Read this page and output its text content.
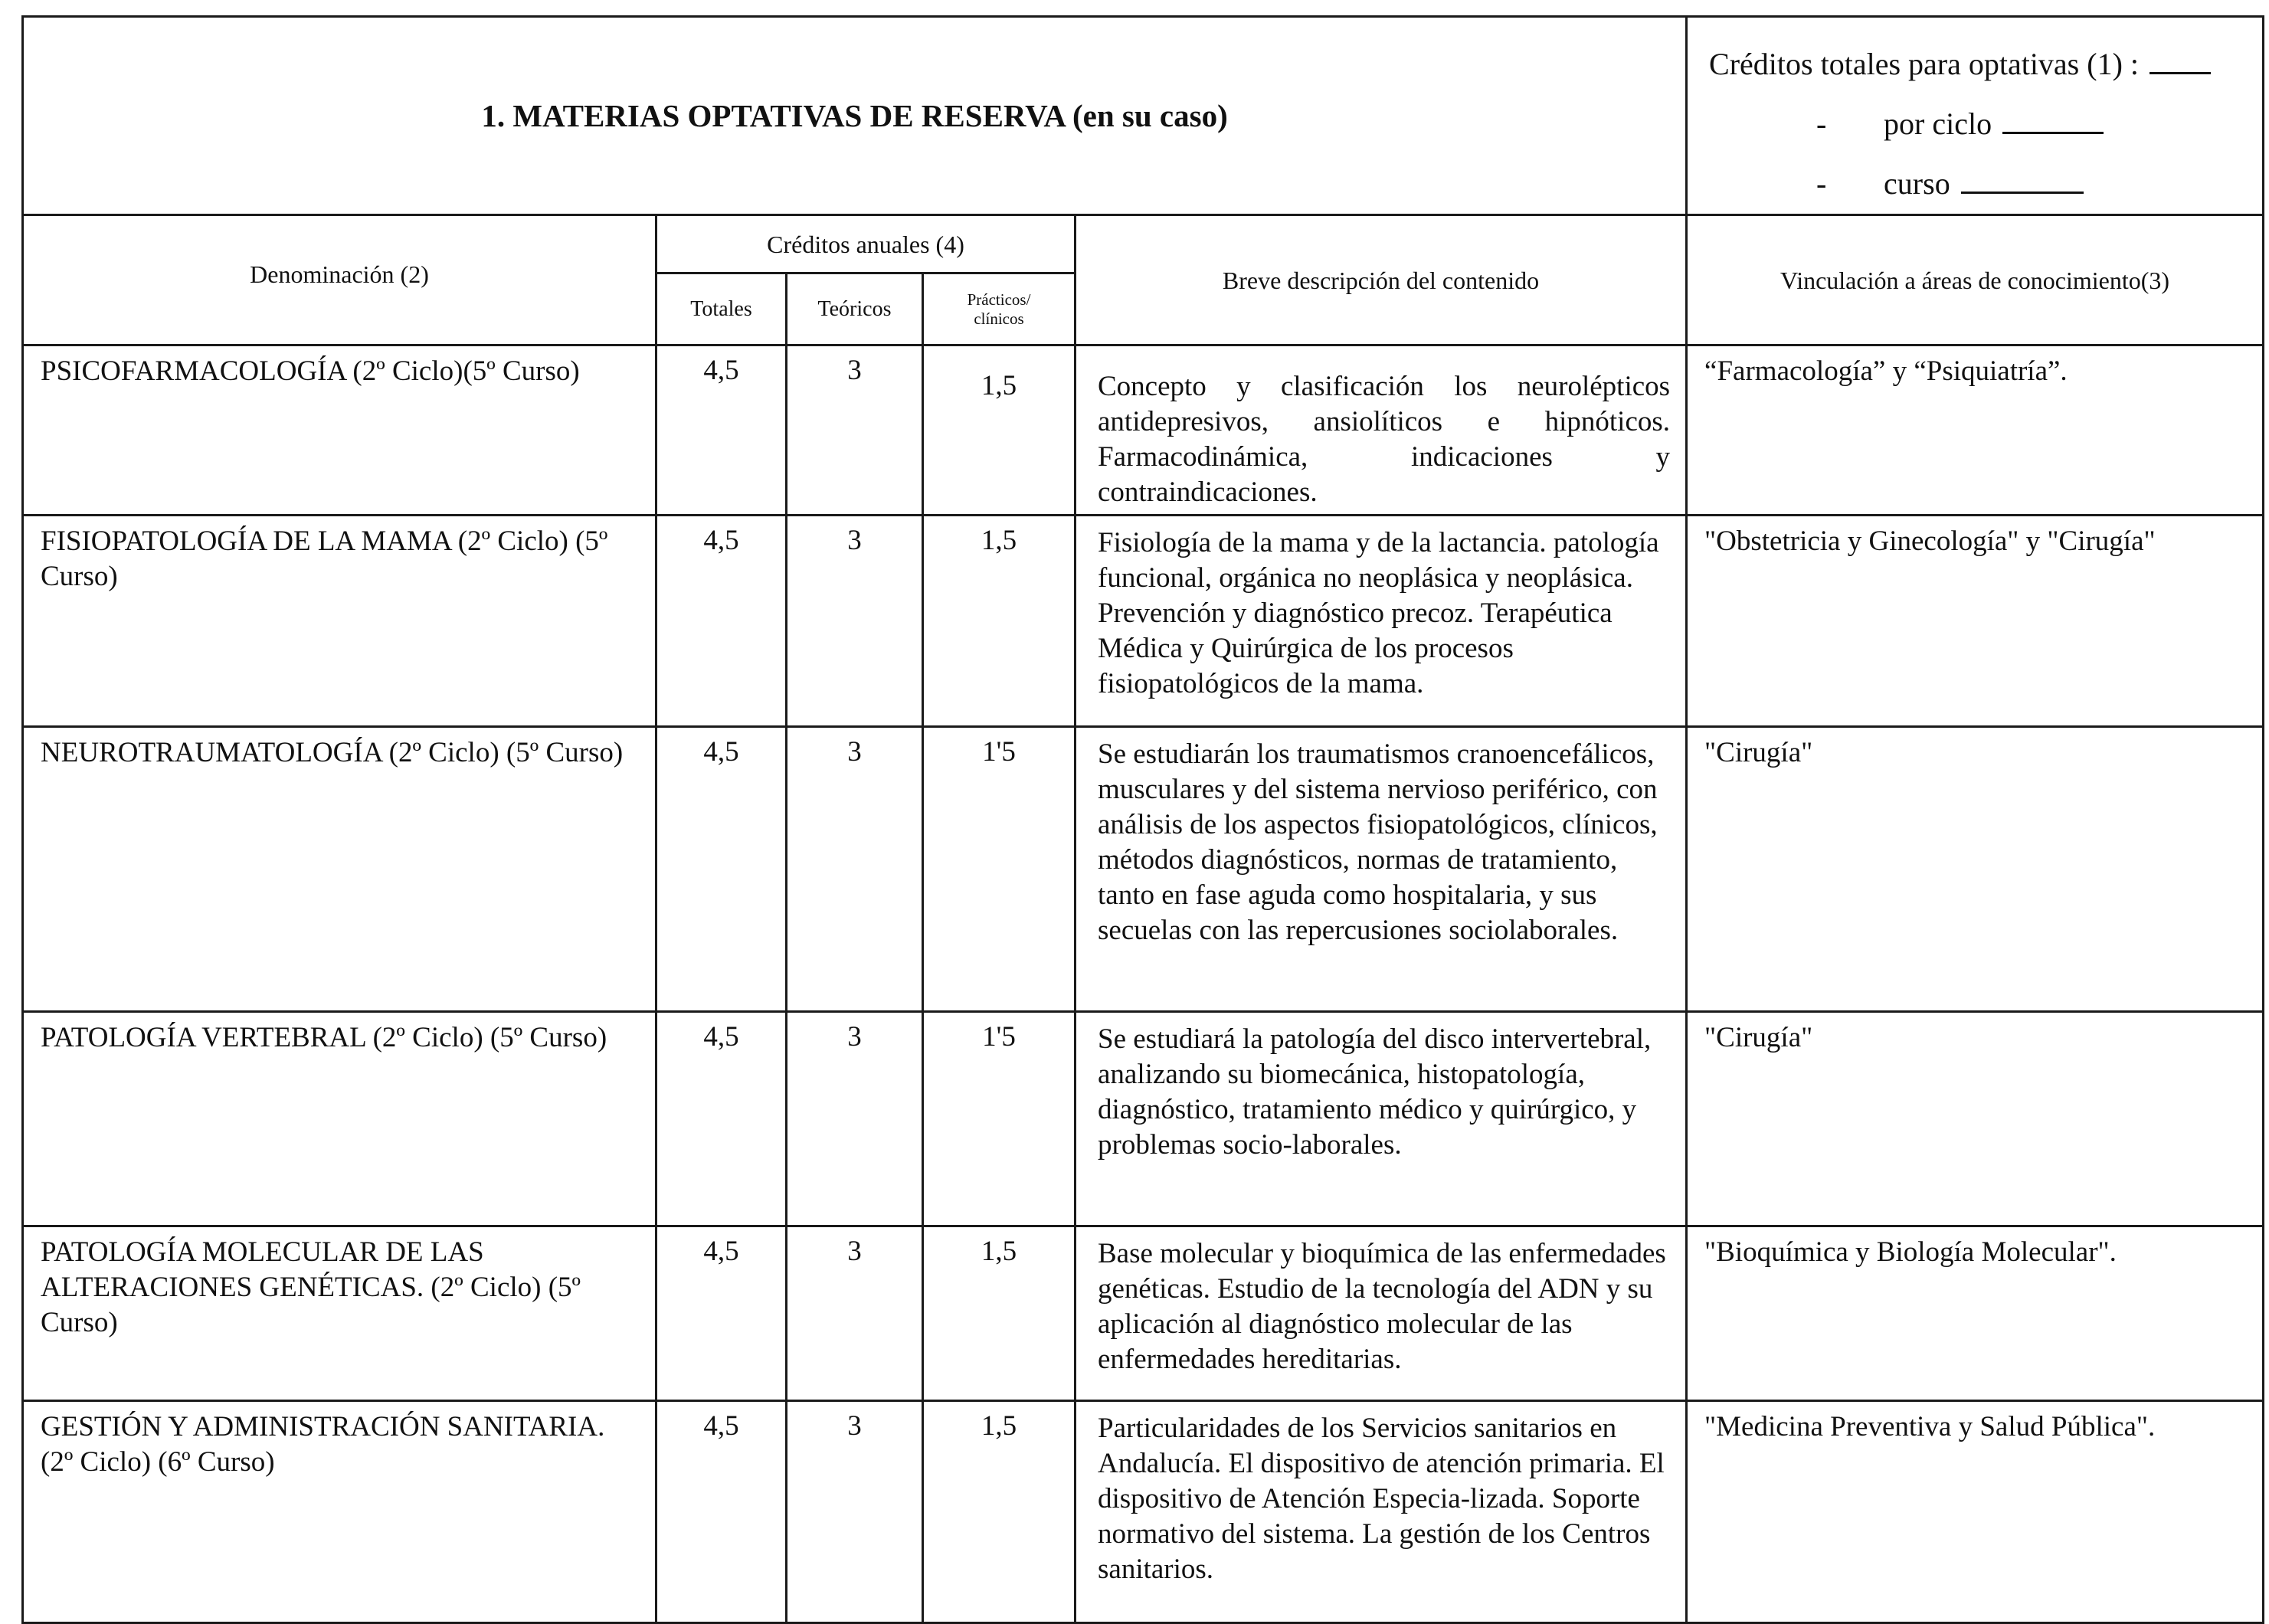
1. MATERIAS OPTATIVAS DE RESERVA (en su caso)					Créditos totales para optativas (1) :
- por ciclo
- curso

Denominación (2)	Créditos anuales (4)			Breve descripción del contenido	Vinculación a áreas de conocimiento(3)
	Totales	Teóricos	Prácticos/
clínicos		

PSICOFARMACOLOGÍA (2º Ciclo)(5º Curso)	4,5	3	1,5	Concepto y clasificación los neurolépticos antidepresivos, ansiolíticos e hipnóticos. Farmacodinámica, indicaciones y contraindicaciones.	“Farmacología” y “Psiquiatría”.
FISIOPATOLOGÍA DE LA MAMA (2º Ciclo) (5º Curso)	4,5	3	1,5	Fisiología de la mama y de la lactancia. patología funcional, orgánica no neoplásica y neoplásica. Prevención y diagnóstico precoz. Terapéutica Médica y Quirúrgica de los procesos fisiopatológicos de la mama.	"Obstetricia y Ginecología" y "Cirugía"
NEUROTRAUMATOLOGÍA (2º Ciclo) (5º Curso)	4,5	3	1'5	Se estudiarán los traumatismos cranoencefálicos, musculares y del sistema nervioso periférico, con análisis de los aspectos fisiopatológicos, clínicos, métodos diagnósticos, normas de tratamiento, tanto en fase aguda como hospitalaria, y sus secuelas con las repercusiones sociolaborales.	"Cirugía"
PATOLOGÍA VERTEBRAL (2º Ciclo) (5º Curso)	4,5	3	1'5	Se estudiará la patología del disco intervertebral, analizando su biomecánica, histopatología, diagnóstico, tratamiento médico y quirúrgico, y problemas socio-laborales.	"Cirugía"
PATOLOGÍA MOLECULAR DE LAS ALTERACIONES GENÉTICAS. (2º Ciclo) (5º Curso)	4,5	3	1,5	Base molecular y bioquímica de las enfermedades genéticas. Estudio de la tecnología del ADN y su aplicación al diagnóstico molecular de las enfermedades hereditarias.	"Bioquímica y Biología Molecular".
GESTIÓN Y ADMINISTRACIÓN SANITARIA. (2º Ciclo) (6º Curso)	4,5	3	1,5	Particularidades de los Servicios sanitarios en Andalucía. El dispositivo de atención primaria. El dispositivo de Atención Especia-lizada. Soporte normativo del sistema. La gestión de los Centros sanitarios.	"Medicina Preventiva y Salud Pública".
